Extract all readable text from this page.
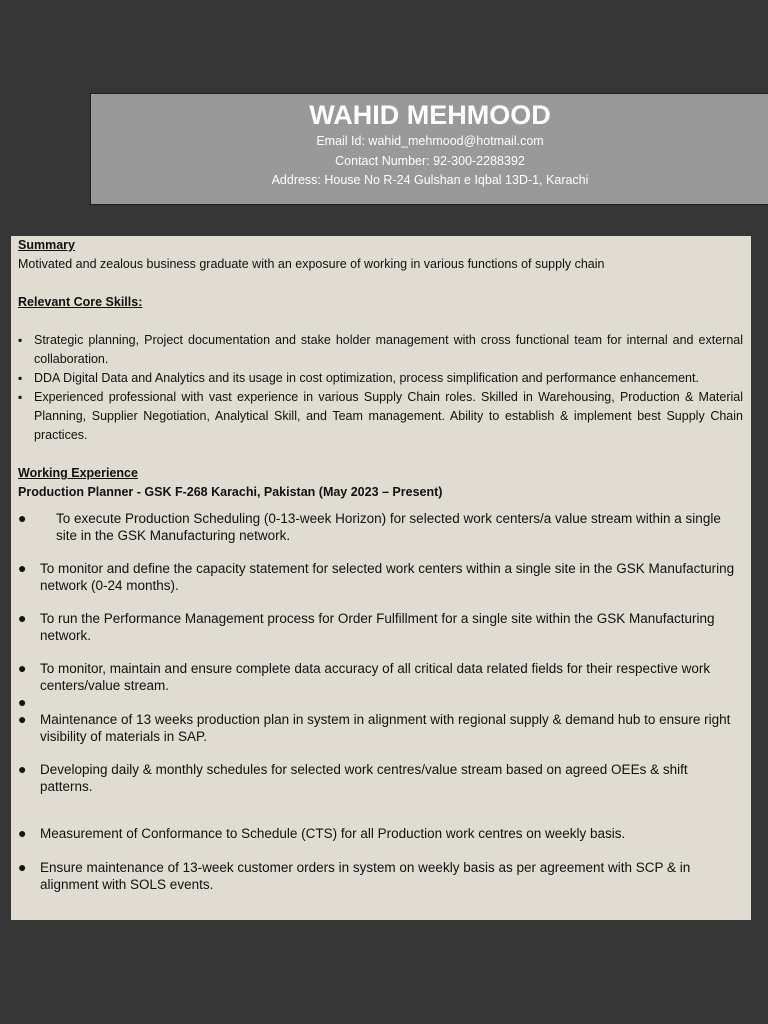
WAHID MEHMOOD
Email Id: wahid_mehmood@hotmail.com
Contact Number: 92-300-2288392
Address: House No R-24 Gulshan e Iqbal 13D-1, Karachi
Summary
Motivated and zealous business graduate with an exposure of working in various functions of supply chain
Relevant Core Skills:
▪ Strategic planning, Project documentation and stake holder management with cross functional team for internal and external collaboration.
▪ DDA Digital Data and Analytics and its usage in cost optimization, process simplification and performance enhancement.
▪ Experienced professional with vast experience in various Supply Chain roles. Skilled in Warehousing, Production & Material Planning, Supplier Negotiation, Analytical Skill, and Team management. Ability to establish & implement best Supply Chain practices.
Working Experience
Production Planner - GSK F-268 Karachi, Pakistan (May 2023 – Present)
●	To execute Production Scheduling (0-13-week Horizon) for selected work centers/a value stream within a single site in the GSK Manufacturing network.
●	To monitor and define the capacity statement for selected work centers within a single site in the GSK Manufacturing network (0-24 months).
●	To run the Performance Management process for Order Fulfillment for a single site within the GSK Manufacturing network.
●	To monitor, maintain and ensure complete data accuracy of all critical data related fields for their respective work centers/value stream.
●
●	Maintenance of 13 weeks production plan in system in alignment with regional supply & demand hub to ensure right visibility of materials in SAP.
●	Developing daily & monthly schedules for selected work centres/value stream based on agreed OEEs & shift patterns.
●	Measurement of Conformance to Schedule (CTS) for all Production work centres on weekly basis.
●	Ensure maintenance of 13-week customer orders in system on weekly basis as per agreement with SCP & in alignment with SOLS events.
